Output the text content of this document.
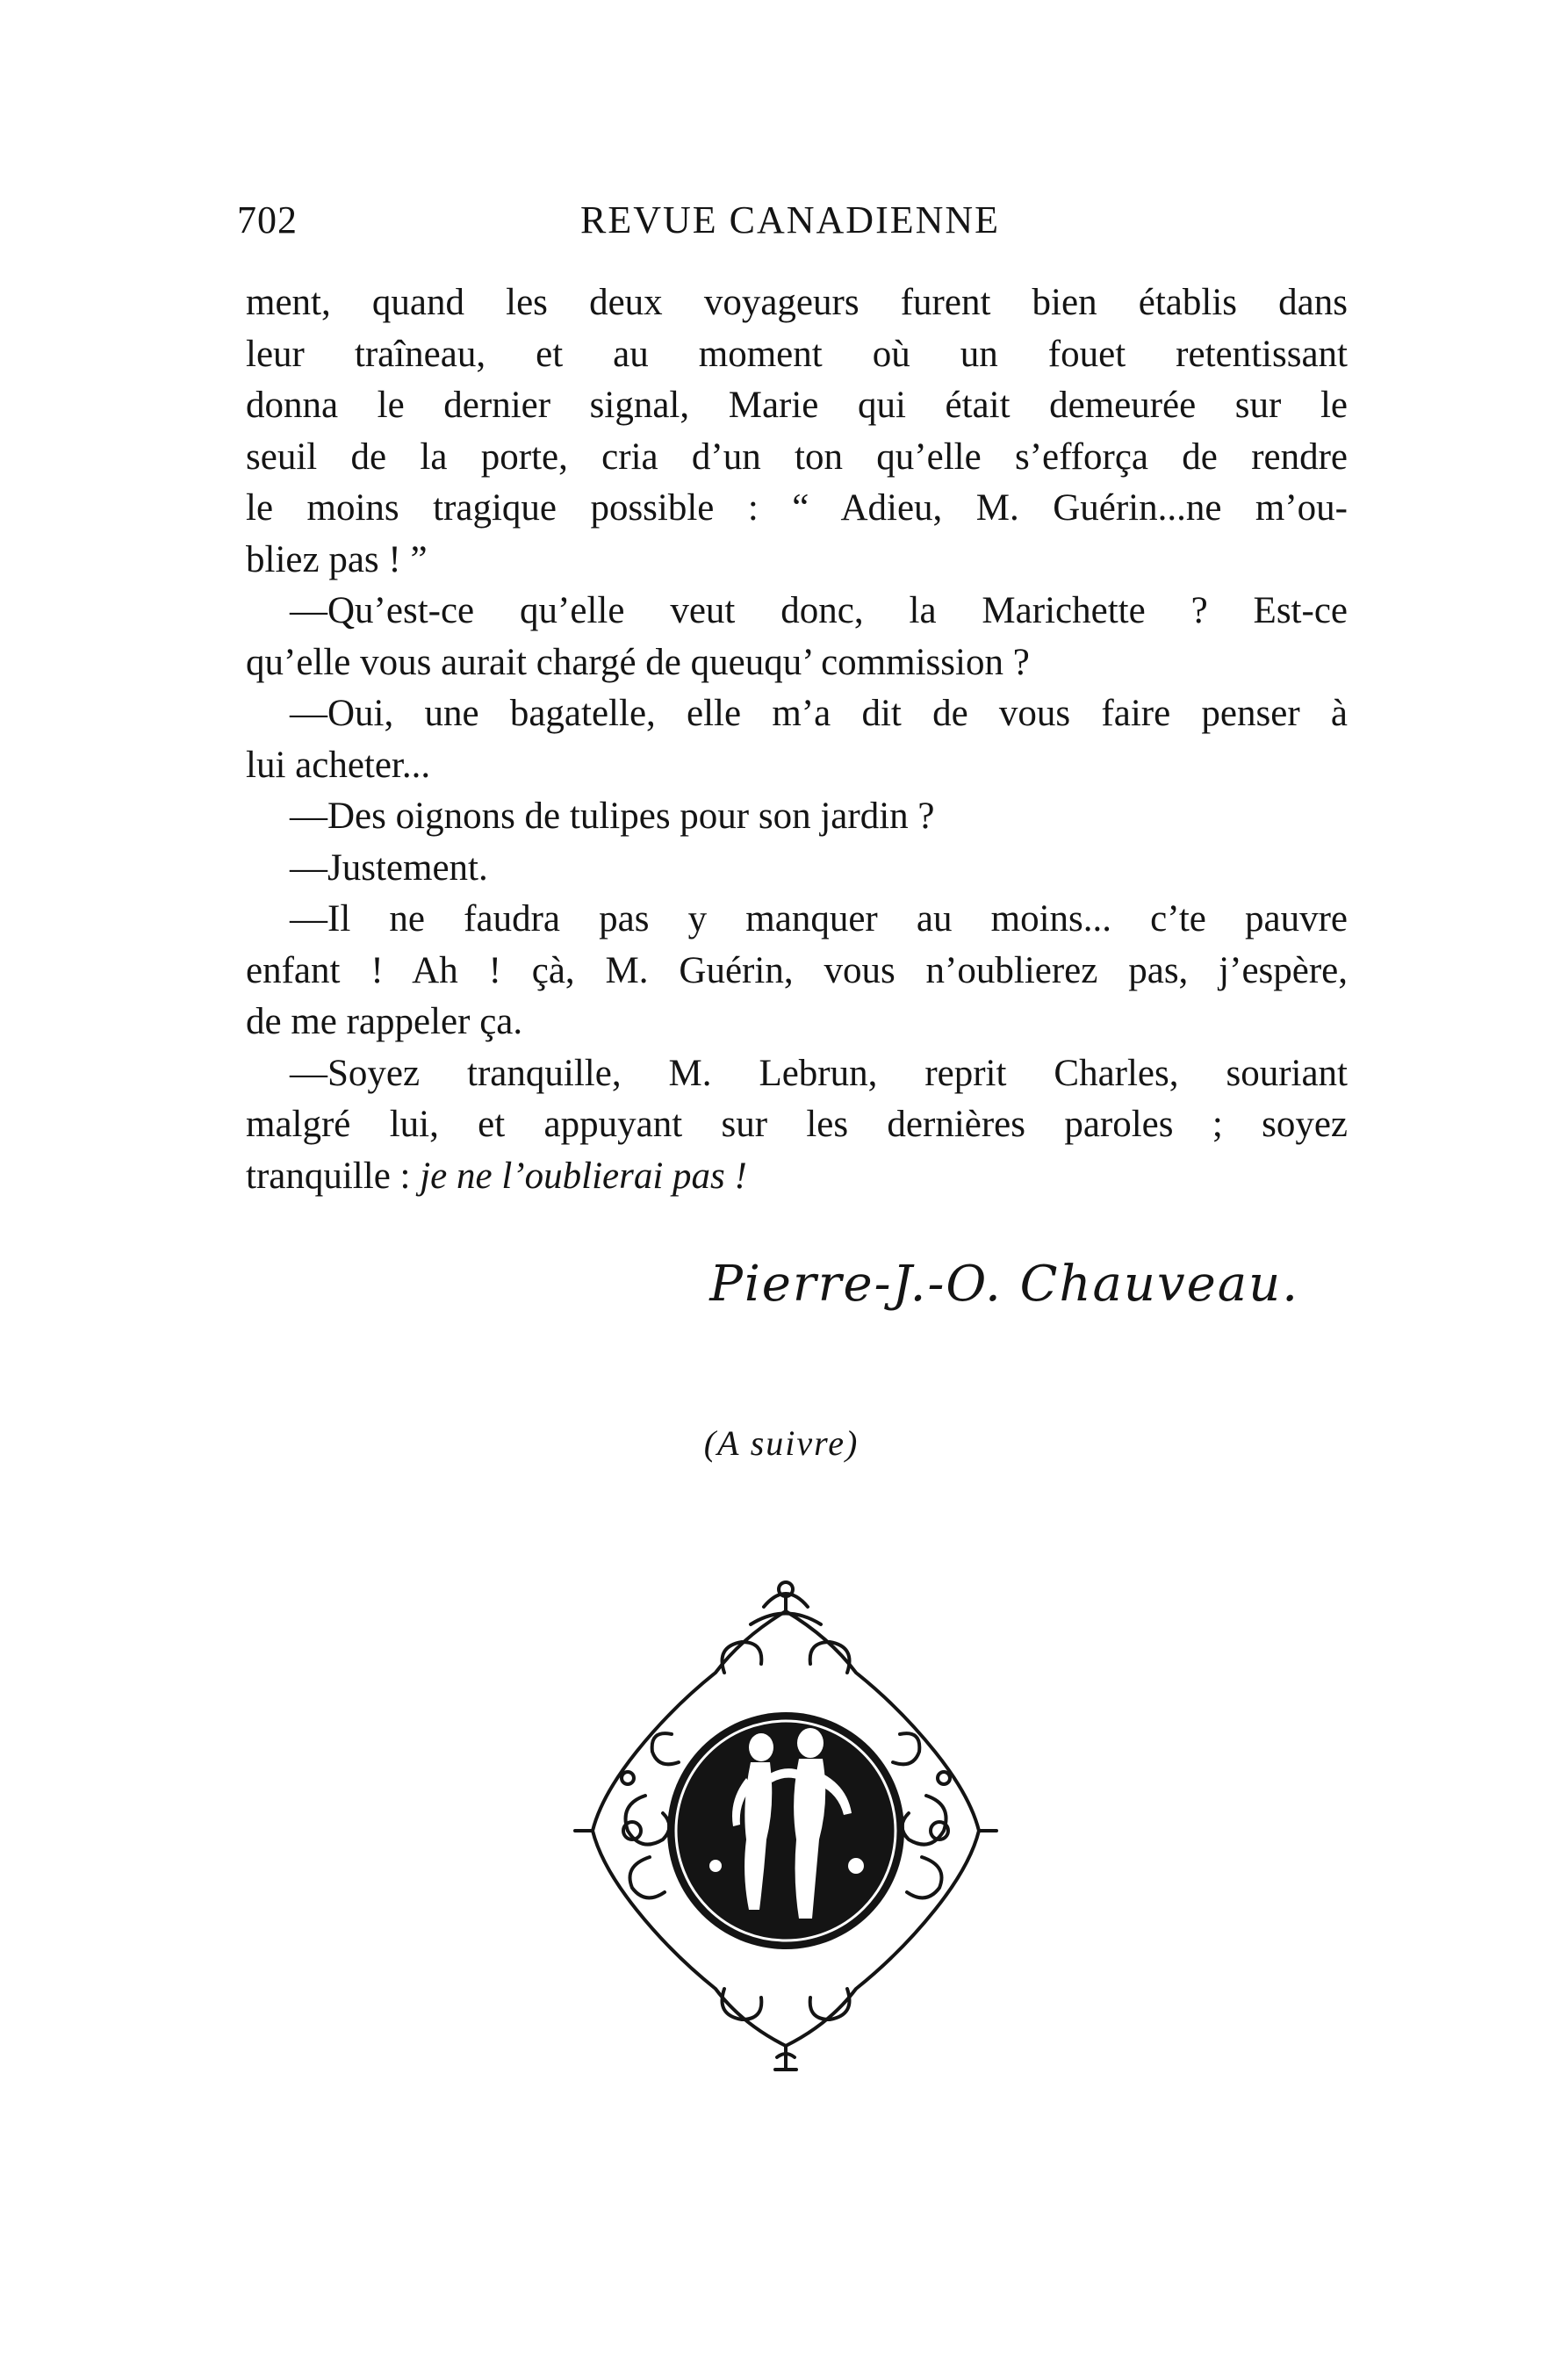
702	REVUE CANADIENNE
ment, quand les deux voyageurs furent bien établis dans
leur traîneau, et au moment où un fouet retentissant
donna le dernier signal, Marie qui était demeurée sur le
seuil de la porte, cria d’un ton qu’elle s’efforça de rendre
le moins tragique possible : “ Adieu, M. Guérin...ne m’ou-
bliez pas ! ”
—Qu’est-ce qu’elle veut donc, la Marichette ? Est-ce
qu’elle vous aurait chargé de queuqu’ commission ?
—Oui, une bagatelle, elle m’a dit de vous faire penser à
lui acheter...
—Des oignons de tulipes pour son jardin ?
—Justement.
—Il ne faudra pas y manquer au moins... c’te pauvre
enfant ! Ah ! çà, M. Guérin, vous n’oublierez pas, j’espère,
de me rappeler ça.
—Soyez tranquille, M. Lebrun, reprit Charles, souriant
malgré lui, et appuyant sur les dernières paroles ; soyez
tranquille : je ne l’oublierai pas !
Pierre-J.-O. Chauveau.
(A suivre)
